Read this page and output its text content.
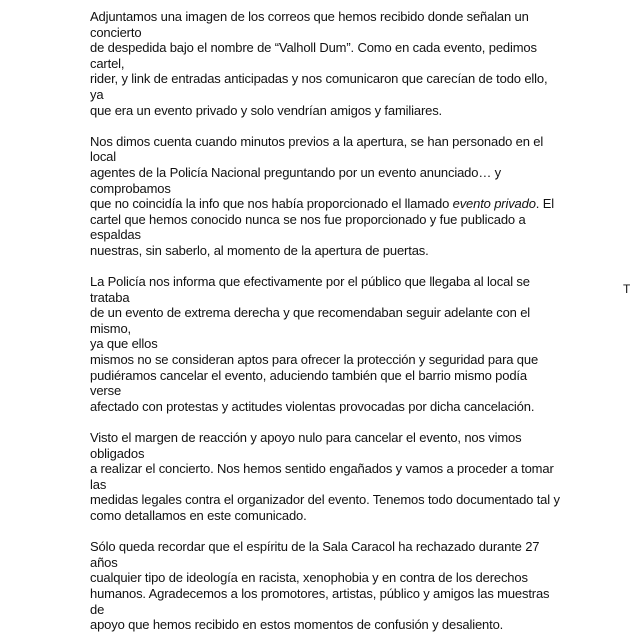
Adjuntamos una imagen de los correos que hemos recibido donde señalan un concierto
de despedida bajo el nombre de “Valholl Dum”. Como en cada evento, pedimos cartel,
rider, y link de entradas anticipadas y nos comunicaron que carecían de todo ello, ya
que era un evento privado y solo vendrían amigos y familiares.

Nos dimos cuenta cuando minutos previos a la apertura, se han personado en el local
agentes de la Policía Nacional preguntando por un evento anunciado… y comprobamos
que no coincidía la info que nos había proporcionado el llamado evento privado. El
cartel que hemos conocido nunca se nos fue proporcionado y fue publicado a espaldas
nuestras, sin saberlo, al momento de la apertura de puertas.

La Policía nos informa que efectivamente por el público que llegaba al local se trataba
de un evento de extrema derecha y que recomendaban seguir adelante con el mismo,
ya que ellos
mismos no se consideran aptos para ofrecer la protección y seguridad para que
pudiéramos cancelar el evento, aduciendo también que el barrio mismo podía verse
afectado con protestas y actitudes violentas provocadas por dicha cancelación.

Visto el margen de reacción y apoyo nulo para cancelar el evento, nos vimos obligados
a realizar el concierto. Nos hemos sentido engañados y vamos a proceder a tomar las
medidas legales contra el organizador del evento. Tenemos todo documentado tal y
como detallamos en este comunicado.

Sólo queda recordar que el espíritu de la Sala Caracol ha rechazado durante 27 años
cualquier tipo de ideología en racista, xenophobia y en contra de los derechos
humanos. Agradecemos a los promotores, artistas, público y amigos las muestras de
apoyo que hemos recibido en estos momentos de confusión y desaliento.

T
